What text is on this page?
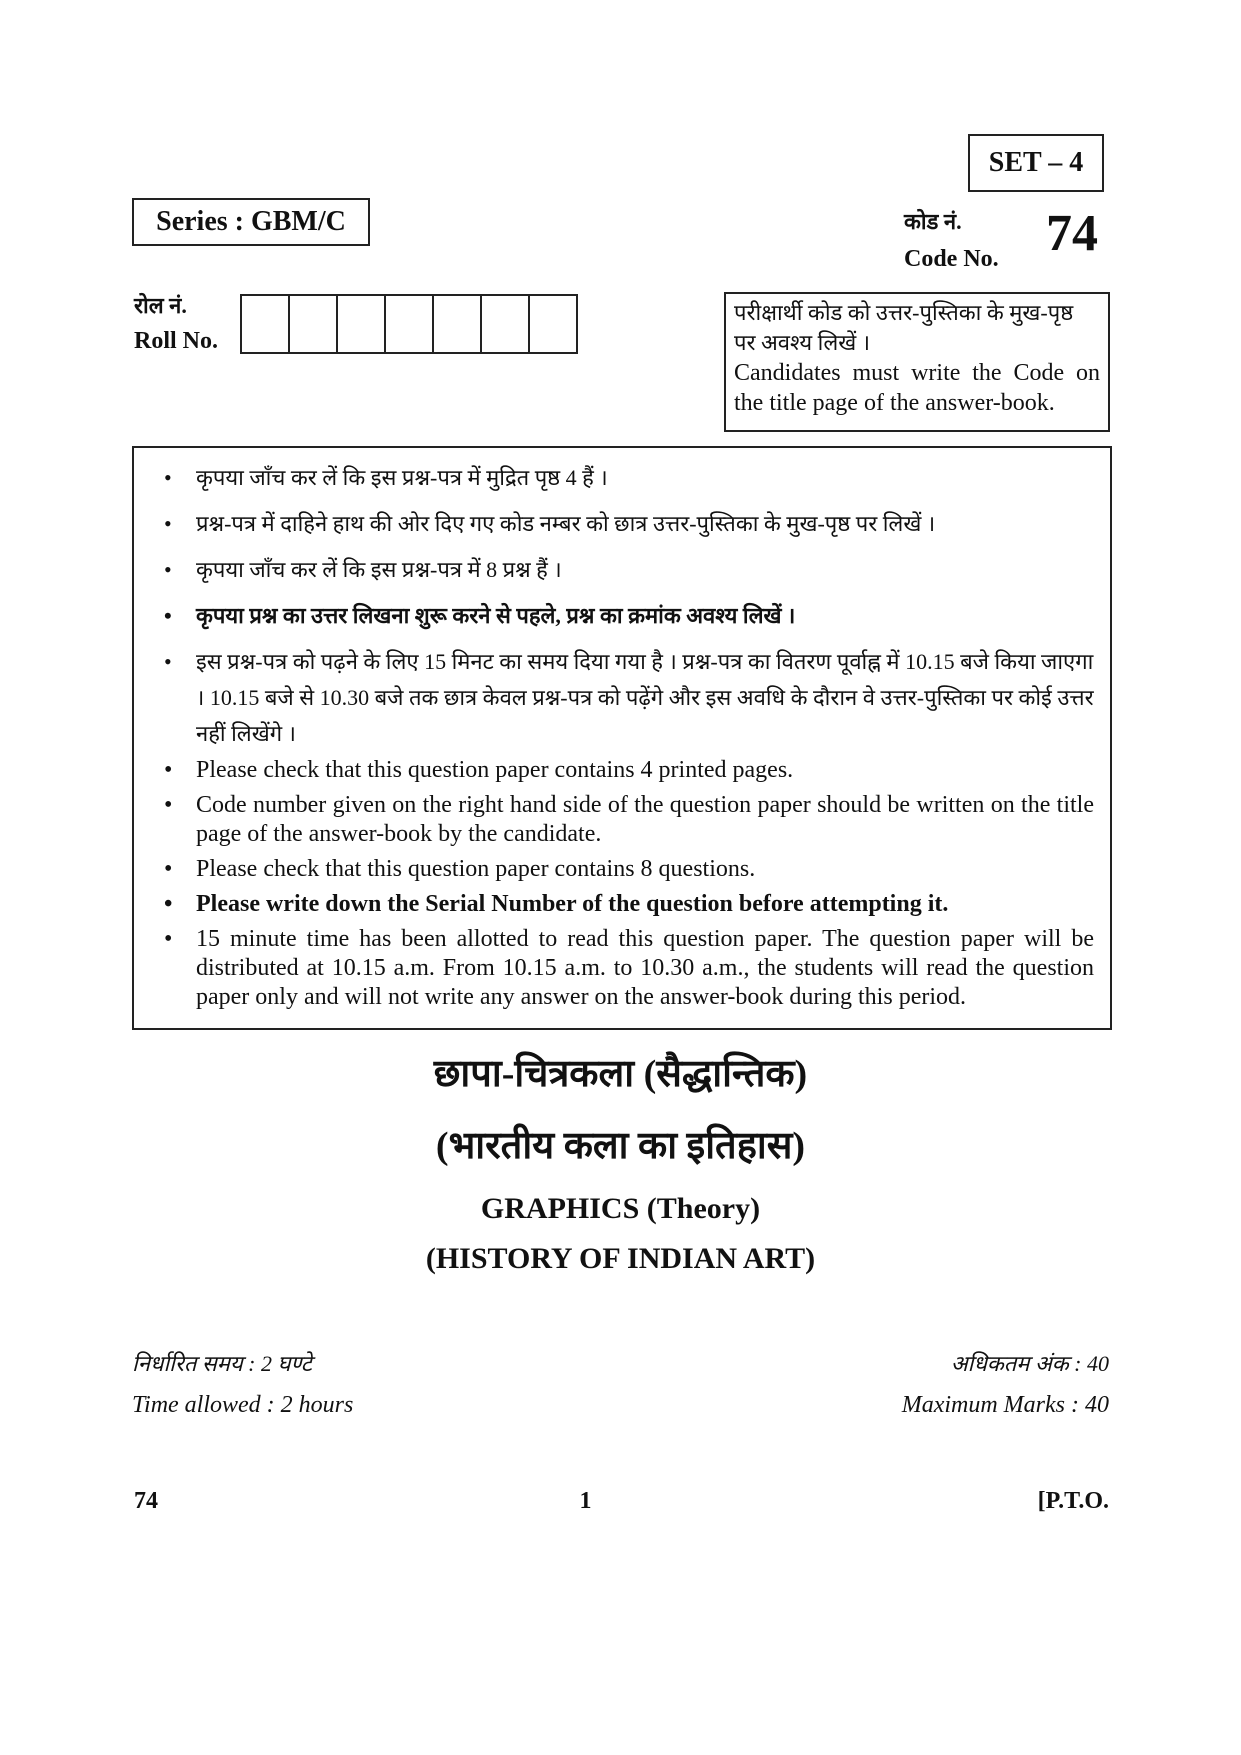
SET – 4
Series : GBM/C	कोड नं.
Code No. 74
रोल नं.
Roll No.
परीक्षार्थी कोड को उत्तर-पुस्तिका के मुख-पृष्ठ पर अवश्य लिखें ।
Candidates must write the Code on the title page of the answer-book.
• कृपया जाँच कर लें कि इस प्रश्न-पत्र में मुद्रित पृष्ठ 4 हैं ।
• प्रश्न-पत्र में दाहिने हाथ की ओर दिए गए कोड नम्बर को छात्र उत्तर-पुस्तिका के मुख-पृष्ठ पर लिखें ।
• कृपया जाँच कर लें कि इस प्रश्न-पत्र में 8 प्रश्न हैं ।
• कृपया प्रश्न का उत्तर लिखना शुरू करने से पहले, प्रश्न का क्रमांक अवश्य लिखें ।
• इस प्रश्न-पत्र को पढ़ने के लिए 15 मिनट का समय दिया गया है । प्रश्न-पत्र का वितरण पूर्वाह्न में 10.15 बजे किया जाएगा । 10.15 बजे से 10.30 बजे तक छात्र केवल प्रश्न-पत्र को पढ़ेंगे और इस अवधि के दौरान वे उत्तर-पुस्तिका पर कोई उत्तर नहीं लिखेंगे ।
• Please check that this question paper contains 4 printed pages.
• Code number given on the right hand side of the question paper should be written on the title page of the answer-book by the candidate.
• Please check that this question paper contains 8 questions.
• Please write down the Serial Number of the question before attempting it.
• 15 minute time has been allotted to read this question paper. The question paper will be distributed at 10.15 a.m. From 10.15 a.m. to 10.30 a.m., the students will read the question paper only and will not write any answer on the answer-book during this period.
छापा-चित्रकला (सैद्धान्तिक)
(भारतीय कला का इतिहास)
GRAPHICS (Theory)
(HISTORY OF INDIAN ART)
निर्धारित समय : 2 घण्टे
Time allowed : 2 hours
अधिकतम अंक : 40
Maximum Marks : 40
74	1	[P.T.O.
